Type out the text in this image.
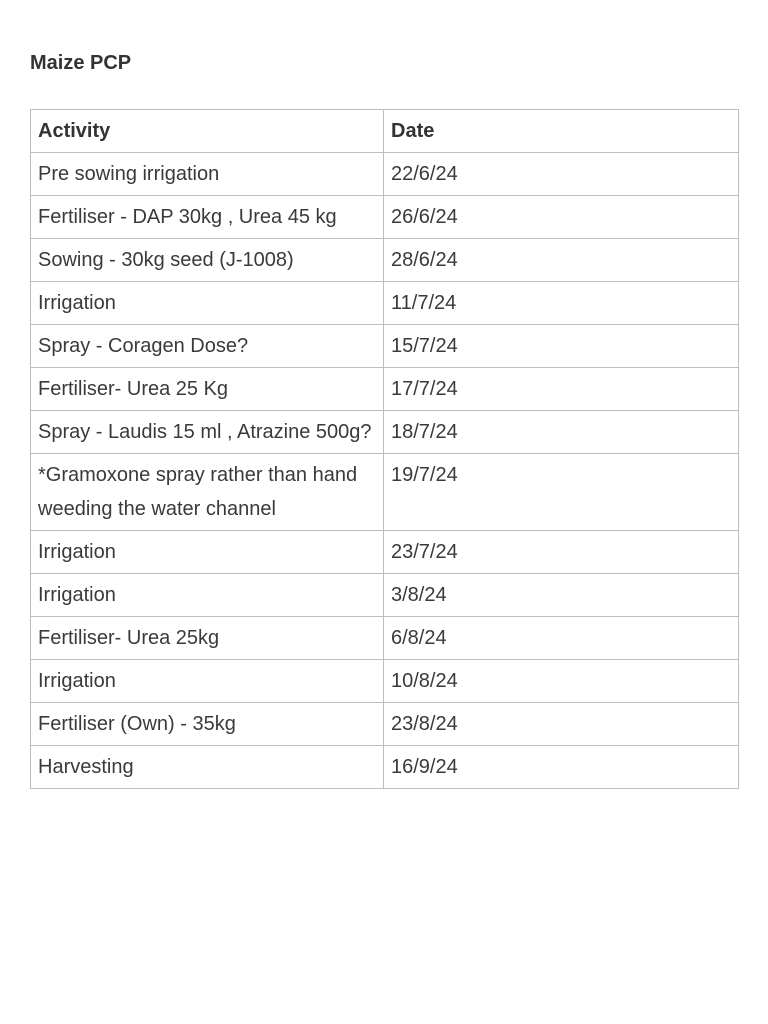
Maize PCP
Activity	Date
Pre sowing irrigation	22/6/24
Fertiliser - DAP 30kg , Urea 45 kg	26/6/24
Sowing - 30kg seed (J-1008)	28/6/24
Irrigation	11/7/24
Spray - Coragen Dose?	15/7/24
Fertiliser- Urea 25 Kg	17/7/24
Spray - Laudis 15 ml , Atrazine 500g?	18/7/24
*Gramoxone spray rather than hand weeding the water channel	19/7/24
Irrigation	23/7/24
Irrigation	3/8/24
Fertiliser- Urea 25kg	6/8/24
Irrigation	10/8/24
Fertiliser (Own) - 35kg	23/8/24
Harvesting	16/9/24
